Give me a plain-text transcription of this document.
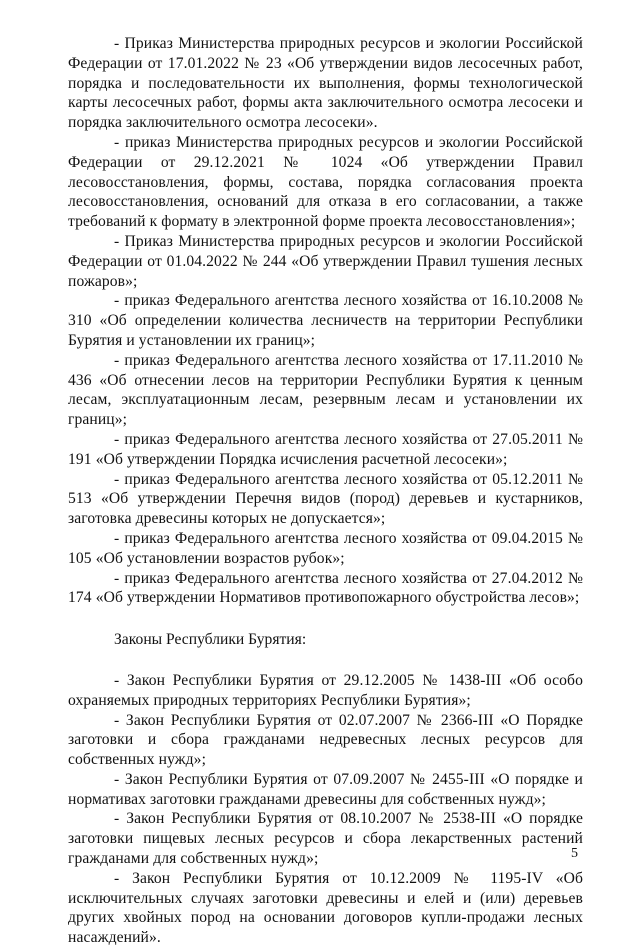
- Приказ Министерства природных ресурсов и экологии Российской Федерации от 17.01.2022 № 23 «Об утверждении видов лесосечных работ, порядка и последовательности их выполнения, формы технологической карты лесосечных работ, формы акта заключительного осмотра лесосеки и порядка заключительного осмотра лесосеки».

- приказ Министерства природных ресурсов и экологии Российской Федерации от 29.12.2021 № 1024 «Об утверждении Правил лесовосстановления, формы, состава, порядка согласования проекта лесовосстановления, оснований для отказа в его согласовании, а также требований к формату в электронной форме проекта лесовосстановления»;

- Приказ Министерства природных ресурсов и экологии Российской Федерации от 01.04.2022 № 244 «Об утверждении Правил тушения лесных пожаров»;

- приказ Федерального агентства лесного хозяйства от 16.10.2008 № 310 «Об определении количества лесничеств на территории Республики Бурятия и установлении их границ»;

- приказ Федерального агентства лесного хозяйства от 17.11.2010 № 436 «Об отнесении лесов на территории Республики Бурятия к ценным лесам, эксплуатационным лесам, резервным лесам и установлении их границ»;

- приказ Федерального агентства лесного хозяйства от 27.05.2011 № 191 «Об утверждении Порядка исчисления расчетной лесосеки»;

- приказ Федерального агентства лесного хозяйства от 05.12.2011 № 513 «Об утверждении Перечня видов (пород) деревьев и кустарников, заготовка древесины которых не допускается»;

- приказ Федерального агентства лесного хозяйства от 09.04.2015 № 105 «Об установлении возрастов рубок»;

- приказ Федерального агентства лесного хозяйства от 27.04.2012 № 174 «Об утверждении Нормативов противопожарного обустройства лесов»;

Законы Республики Бурятия:

- Закон Республики Бурятия от 29.12.2005 № 1438-III «Об особо охраняемых природных территориях Республики Бурятия»;

- Закон Республики Бурятия от 02.07.2007 № 2366-III «О Порядке заготовки и сбора гражданами недревесных лесных ресурсов для собственных нужд»;

- Закон Республики Бурятия от 07.09.2007 № 2455-III «О порядке и нормативах заготовки гражданами древесины для собственных нужд»;

- Закон Республики Бурятия от 08.10.2007 № 2538-III «О порядке заготовки пищевых лесных ресурсов и сбора лекарственных растений гражданами для собственных нужд»;

- Закон Республики Бурятия от 10.12.2009 № 1195-IV «Об исключительных случаях заготовки древесины и елей и (или) деревьев других хвойных пород на основании договоров купли-продажи лесных насаждений».

5
